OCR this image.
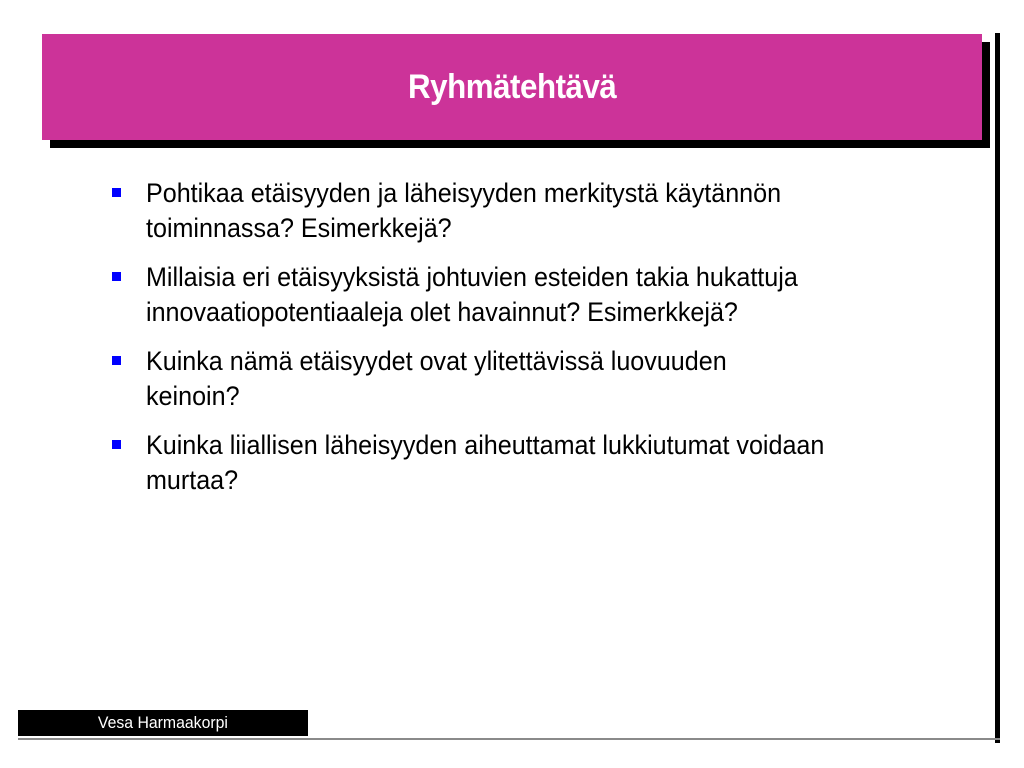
Ryhmätehtävä
Pohtikaa etäisyyden ja läheisyyden merkitystä käytännön
toiminnassa? Esimerkkejä?
Millaisia eri etäisyyksistä johtuvien esteiden takia hukattuja
innovaatiopotentiaaleja olet havainnut? Esimerkkejä?
Kuinka nämä etäisyydet ovat ylitettävissä luovuuden
keinoin?
Kuinka liiallisen läheisyyden aiheuttamat lukkiutumat voidaan
murtaa?
Vesa Harmaakorpi
